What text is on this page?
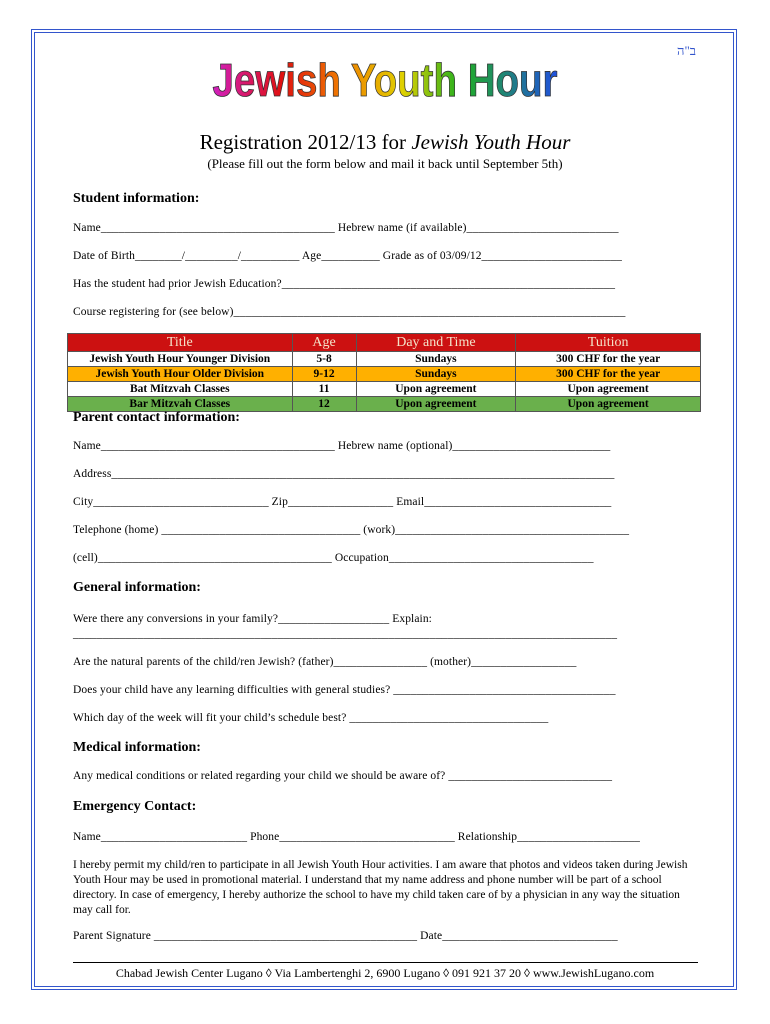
ב"ה
Jewish Youth Hour
Registration 2012/13 for Jewish Youth Hour
(Please fill out the form below and mail it back until September 5th)
Student information:
Name________________________________________ Hebrew name (if available)__________________________
Date of Birth________/_________/__________ Age__________ Grade as of 03/09/12________________________
Has the student had prior Jewish Education?_________________________________________________________
Course registering for (see below)___________________________________________________________________
Title	Age	Day and Time	Tuition
Jewish Youth Hour Younger Division	5-8	Sundays	300 CHF for the year
Jewish Youth Hour Older Division	9-12	Sundays	300 CHF for the year
Bat Mitzvah Classes	11	Upon agreement	Upon agreement
Bar Mitzvah Classes	12	Upon agreement	Upon agreement
Parent contact information:
Name________________________________________ Hebrew name (optional)___________________________
Address______________________________________________________________________________________
City______________________________ Zip__________________ Email________________________________
Telephone (home) __________________________________ (work)________________________________________
(cell)________________________________________ Occupation___________________________________
General information:
Were there any conversions in your family?___________________ Explain:
_____________________________________________________________________________________________
Are the natural parents of the child/ren Jewish? (father)________________ (mother)__________________
Does your child have any learning difficulties with general studies? ______________________________________
Which day of the week will fit your child’s schedule best? __________________________________
Medical information:
Any medical conditions or related regarding your child we should be aware of? ____________________________
Emergency Contact:
Name_________________________ Phone______________________________ Relationship_____________________
I hereby permit my child/ren to participate in all Jewish Youth Hour activities. I am aware that photos and videos taken during Jewish Youth Hour may be used in promotional material. I understand that my name address and phone number will be part of a school directory. In case of emergency, I hereby authorize the school to have my child taken care of by a physician in any way the situation may call for.
Parent Signature _____________________________________________ Date______________________________
Chabad Jewish Center Lugano ◊ Via Lambertenghi 2, 6900 Lugano ◊ 091 921 37 20 ◊ www.JewishLugano.com
